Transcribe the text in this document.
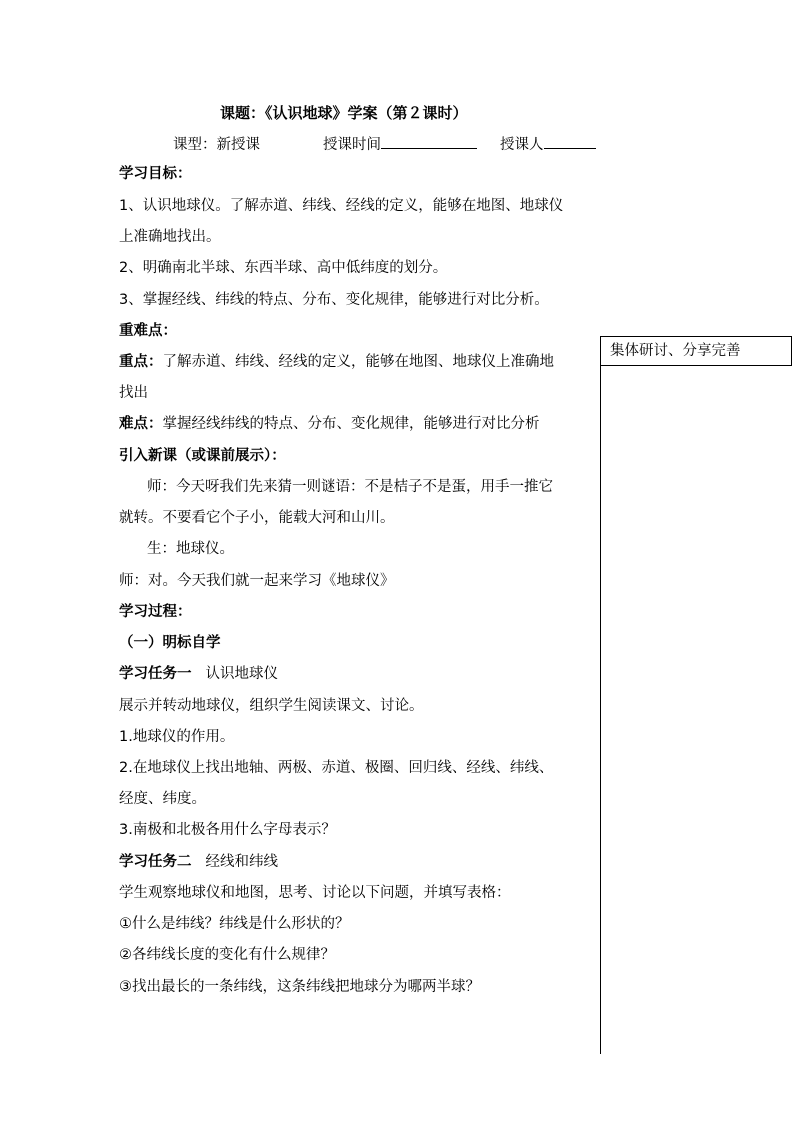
课题：《认识地球》学案（第２课时）
课型：新授课	授课时间	授课人
学习目标：
1、认识地球仪。了解赤道、纬线、经线的定义，能够在地图、地球仪
上准确地找出。
2、明确南北半球、东西半球、高中低纬度的划分。
3、掌握经线、纬线的特点、分布、变化规律，能够进行对比分析。
重难点：
重点：了解赤道、纬线、经线的定义，能够在地图、地球仪上准确地
找出
难点：掌握经线纬线的特点、分布、变化规律，能够进行对比分析
引入新课（或课前展示）：
师：今天呀我们先来猜一则谜语：不是桔子不是蛋，用手一推它
就转。不要看它个子小，能载大河和山川。
生：地球仪。
师：对。今天我们就一起来学习《地球仪》
学习过程：
（一）明标自学
学习任务一 认识地球仪
展示并转动地球仪，组织学生阅读课文、讨论。
1.地球仪的作用。
2.在地球仪上找出地轴、两极、赤道、极圈、回归线、经线、纬线、
经度、纬度。
3.南极和北极各用什么字母表示？
学习任务二 经线和纬线
学生观察地球仪和地图，思考、讨论以下问题，并填写表格：
①什么是纬线？纬线是什么形状的？
②各纬线长度的变化有什么规律？
③找出最长的一条纬线，这条纬线把地球分为哪两半球？
集体研讨、分享完善
